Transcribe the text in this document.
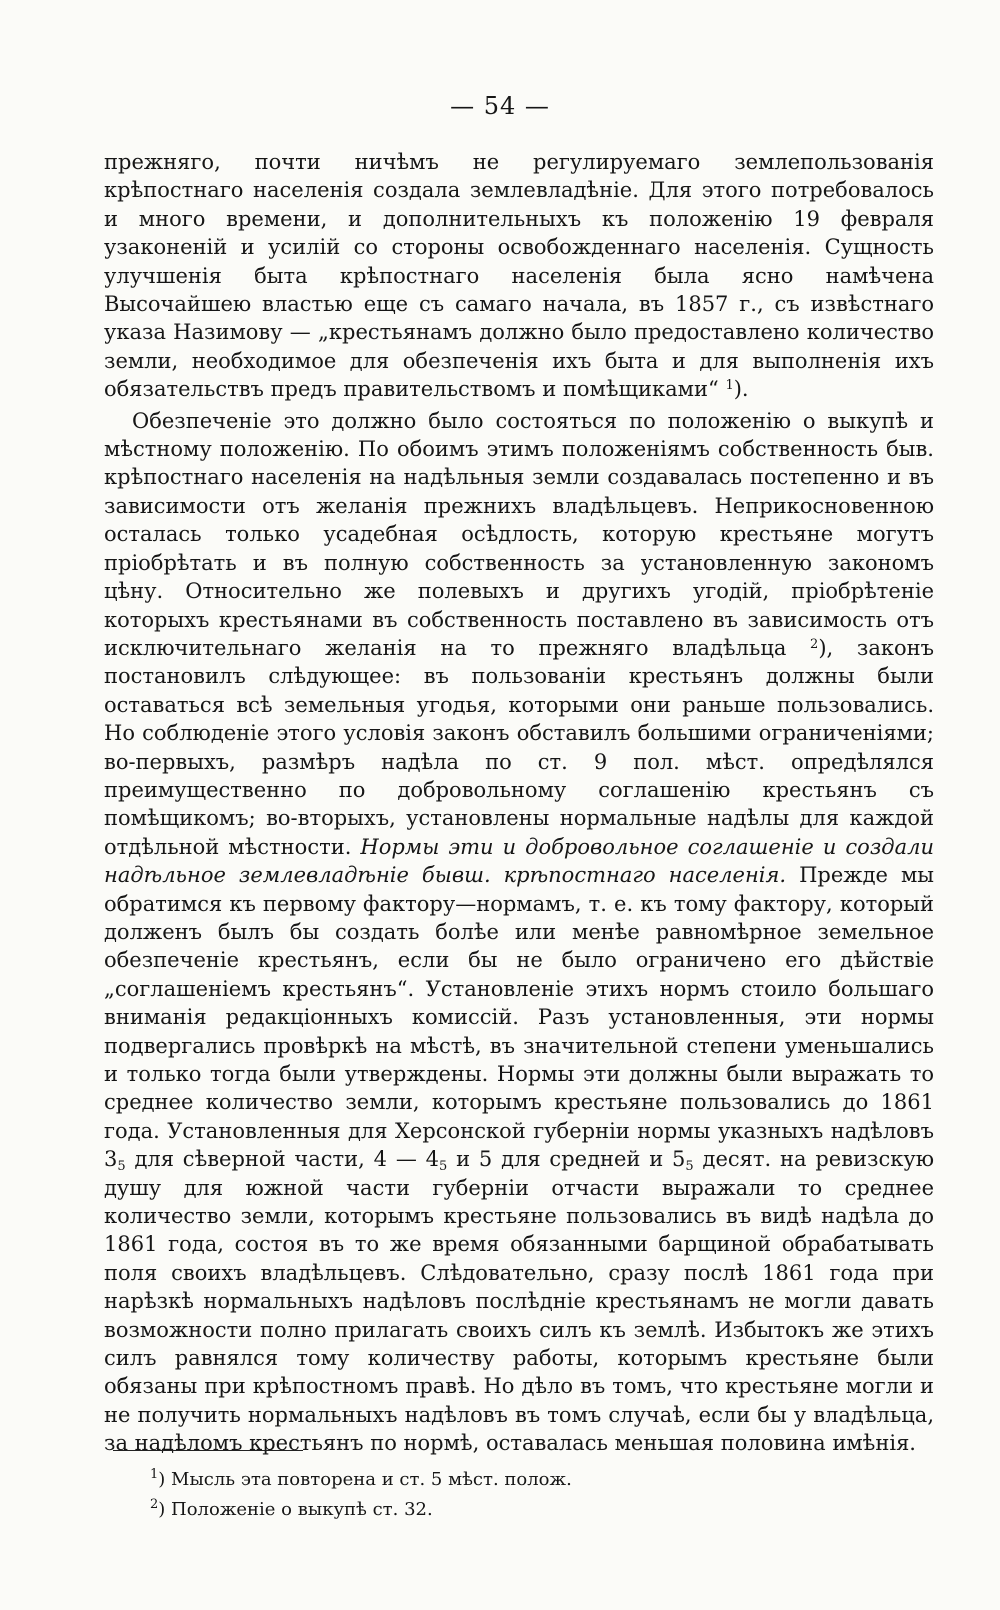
— 54 —

прежняго, почти ничѣмъ не регулируемаго землепользованія крѣпостнаго населенія создала землевладѣніе. Для этого потребовалось и много времени, и дополнительныхъ къ положенію 19 февраля узаконеній и усилій со стороны освобожденнаго населенія. Сущность улучшенія быта крѣпостнаго населенія была ясно намѣчена Высочайшею властью еще съ самаго начала, въ 1857 г., съ извѣстнаго указа Назимову — „крестьянамъ должно было предоставлено количество земли, необходимое для обезпеченія ихъ быта и для выполненія ихъ обязательствъ предъ правительствомъ и помѣщиками“ $^1$).

Обезпеченіе это должно было состояться по положенію о выкупѣ и мѣстному положенію. По обоимъ этимъ положеніямъ собственность быв. крѣпостнаго населенія на надѣльныя земли создавалась постепенно и въ зависимости отъ желанія прежнихъ владѣльцевъ. Неприкосновенною осталась только усадебная осѣдлость, которую крестьяне могутъ пріобрѣтать и въ полную собственность за установленную закономъ цѣну. Относительно же полевыхъ и другихъ угодій, пріобрѣтеніе которыхъ крестьянами въ собственность поставлено въ зависимость отъ исключительнаго желанія на то прежняго владѣльца $^2$), законъ постановилъ слѣдующее: въ пользованіи крестьянъ должны были оставаться всѣ земельныя угодья, которыми они раньше пользовались. Но соблюденіе этого условія законъ обставилъ большими ограниченіями; во-первыхъ, размѣръ надѣла по ст. 9 пол. мѣст. опредѣлялся преимущественно по добровольному соглашенію крестьянъ съ помѣщикомъ; во-вторыхъ, установлены нормальные надѣлы для каждой отдѣльной мѣстности. Нормы эти и добровольное соглашеніе и создали надѣльное землевладѣніе бывш. крѣпостнаго населенія. Прежде мы обратимся къ первому фактору—нормамъ, т. е. къ тому фактору, который долженъ былъ бы создать болѣе или менѣе равномѣрное земельное обезпеченіе крестьянъ, если бы не было ограничено его дѣйствіе „соглашеніемъ крестьянъ“. Установленіе этихъ нормъ стоило большаго вниманія редакціонныхъ комиссій. Разъ установленныя, эти нормы подвергались провѣркѣ на мѣстѣ, въ значительной степени уменьшались и только тогда были утверждены. Нормы эти должны были выражать то среднее количество земли, которымъ крестьяне пользовались до 1861 года. Установленныя для Херсонской губерніи нормы указныхъ надѣловъ $3_5$ для сѣверной части, 4 — $4_5$ и 5 для средней и $5_5$ десят. на ревизскую душу для южной части губерніи отчасти выражали то среднее количество земли, которымъ крестьяне пользовались въ видѣ надѣла до 1861 года, состоя въ то же время обязанными барщиной обрабатывать поля своихъ владѣльцевъ. Слѣдовательно, сразу послѣ 1861 года при нарѣзкѣ нормальныхъ надѣловъ послѣдніе крестьянамъ не могли давать возможности полно прилагать своихъ силъ къ землѣ. Избытокъ же этихъ силъ равнялся тому количеству работы, которымъ крестьяне были обязаны при крѣпостномъ правѣ. Но дѣло въ томъ, что крестьяне могли и не получить нормальныхъ надѣловъ въ томъ случаѣ, если бы у владѣльца, за надѣломъ крестьянъ по нормѣ, оставалась меньшая половина имѣнія.

$^1$) Мысль эта повторена и ст. 5 мѣст. полож.

$^2$) Положеніе о выкупѣ ст. 32.
